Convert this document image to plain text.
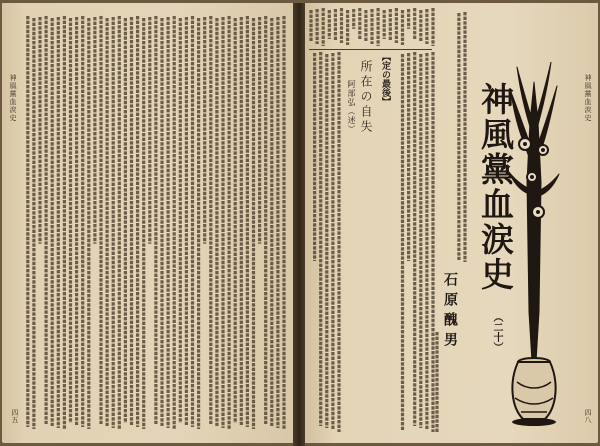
神風黨血涙史
四五
【定の最後】
所在の自失
阿部弘（述）	神風黨血涙史
（二十）
石原醜男
神風黨血涙史
四八
